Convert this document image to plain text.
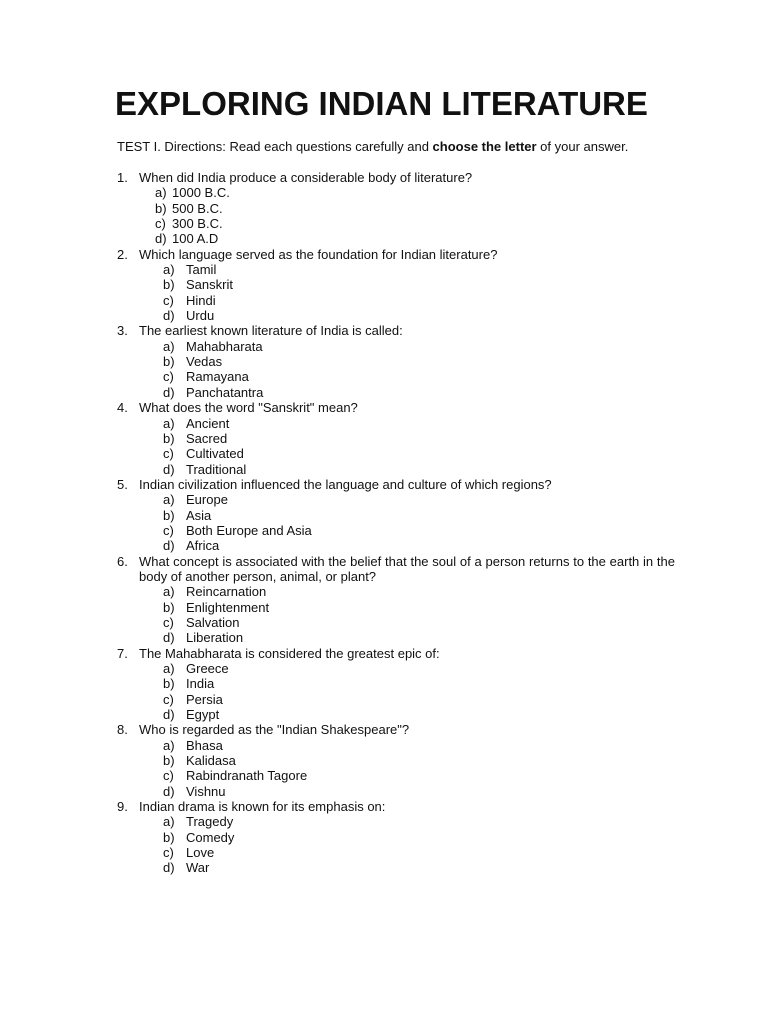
EXPLORING INDIAN LITERATURE
TEST I. Directions: Read each questions carefully and choose the letter of your answer.
1. When did India produce a considerable body of literature?
a) 1000 B.C.
b) 500 B.C.
c) 300 B.C.
d) 100 A.D
2. Which language served as the foundation for Indian literature?
a) Tamil
b) Sanskrit
c) Hindi
d) Urdu
3. The earliest known literature of India is called:
a) Mahabharata
b) Vedas
c) Ramayana
d) Panchatantra
4. What does the word "Sanskrit" mean?
a) Ancient
b) Sacred
c) Cultivated
d) Traditional
5. Indian civilization influenced the language and culture of which regions?
a) Europe
b) Asia
c) Both Europe and Asia
d) Africa
6. What concept is associated with the belief that the soul of a person returns to the earth in the body of another person, animal, or plant?
a) Reincarnation
b) Enlightenment
c) Salvation
d) Liberation
7. The Mahabharata is considered the greatest epic of:
a) Greece
b) India
c) Persia
d) Egypt
8. Who is regarded as the "Indian Shakespeare"?
a) Bhasa
b) Kalidasa
c) Rabindranath Tagore
d) Vishnu
9. Indian drama is known for its emphasis on:
a) Tragedy
b) Comedy
c) Love
d) War
